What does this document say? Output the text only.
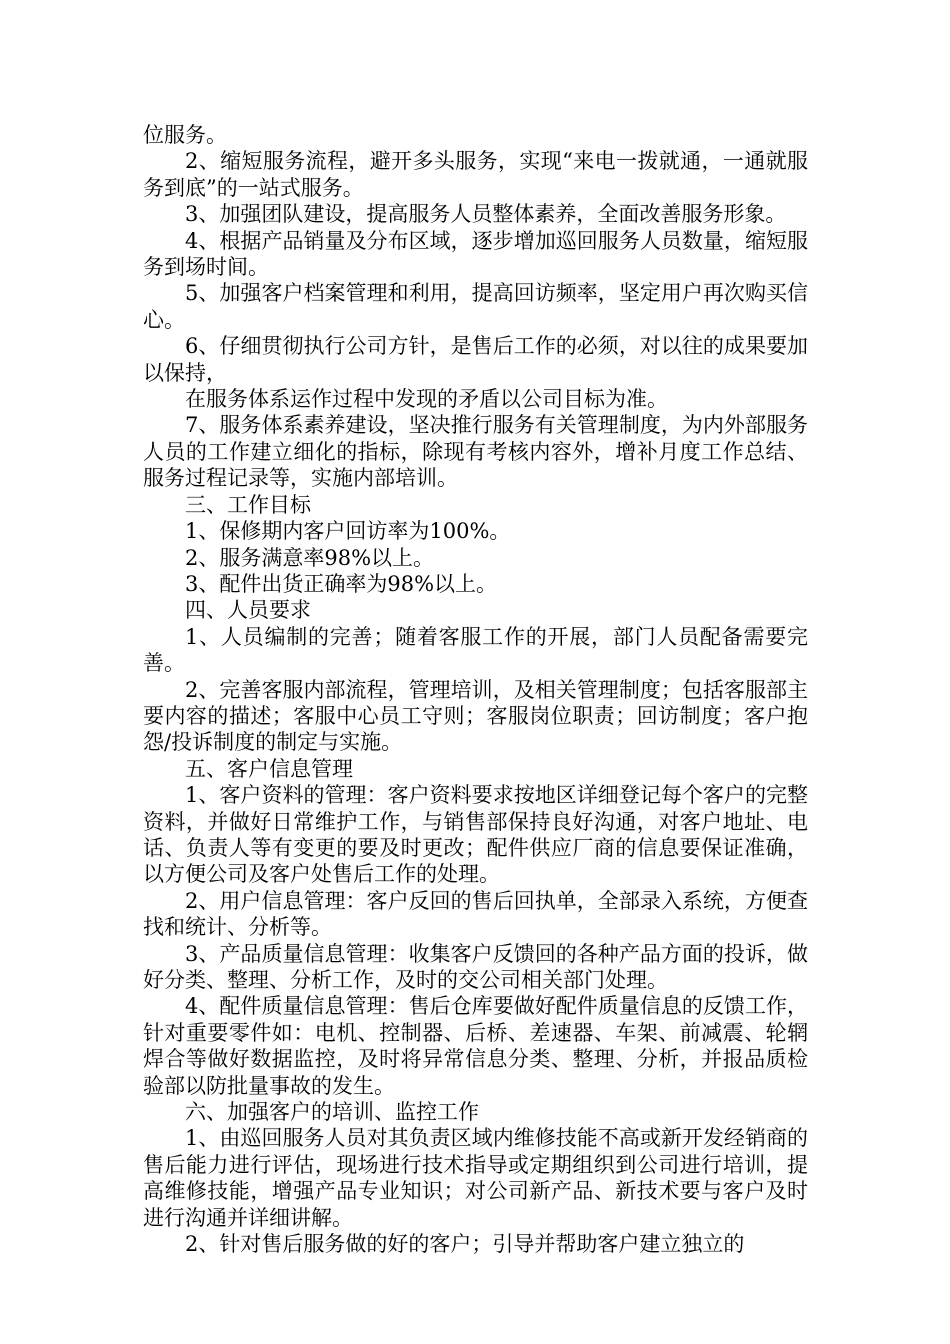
位服务。

2、缩短服务流程，避开多头服务，实现“来电一拨就通，一通就服务到底”的一站式服务。

3、加强团队建设，提高服务人员整体素养，全面改善服务形象。

4、根据产品销量及分布区域，逐步增加巡回服务人员数量，缩短服务到场时间。

5、加强客户档案管理和利用，提高回访频率，坚定用户再次购买信心。

6、仔细贯彻执行公司方针，是售后工作的必须，对以往的成果要加以保持，

在服务体系运作过程中发现的矛盾以公司目标为准。

7、服务体系素养建设，坚决推行服务有关管理制度，为内外部服务人员的工作建立细化的指标，除现有考核内容外，增补月度工作总结、服务过程记录等，实施内部培训。

三、工作目标

1、保修期内客户回访率为100%。

2、服务满意率98%以上。

3、配件出货正确率为98%以上。

四、人员要求

1、人员编制的完善；随着客服工作的开展，部门人员配备需要完善。

2、完善客服内部流程，管理培训，及相关管理制度；包括客服部主要内容的描述；客服中心员工守则；客服岗位职责；回访制度；客户抱怨/投诉制度的制定与实施。

五、客户信息管理

1、客户资料的管理：客户资料要求按地区详细登记每个客户的完整资料，并做好日常维护工作，与销售部保持良好沟通，对客户地址、电话、负责人等有变更的要及时更改；配件供应厂商的信息要保证准确，以方便公司及客户处售后工作的处理。

2、用户信息管理：客户反回的售后回执单，全部录入系统，方便查找和统计、分析等。

3、产品质量信息管理：收集客户反馈回的各种产品方面的投诉，做好分类、整理、分析工作，及时的交公司相关部门处理。

4、配件质量信息管理：售后仓库要做好配件质量信息的反馈工作，针对重要零件如：电机、控制器、后桥、差速器、车架、前减震、轮辋焊合等做好数据监控，及时将异常信息分类、整理、分析，并报品质检验部以防批量事故的发生。

六、加强客户的培训、监控工作

1、由巡回服务人员对其负责区域内维修技能不高或新开发经销商的售后能力进行评估，现场进行技术指导或定期组织到公司进行培训，提高维修技能，增强产品专业知识；对公司新产品、新技术要与客户及时进行沟通并详细讲解。

2、针对售后服务做的好的客户；引导并帮助客户建立独立的
